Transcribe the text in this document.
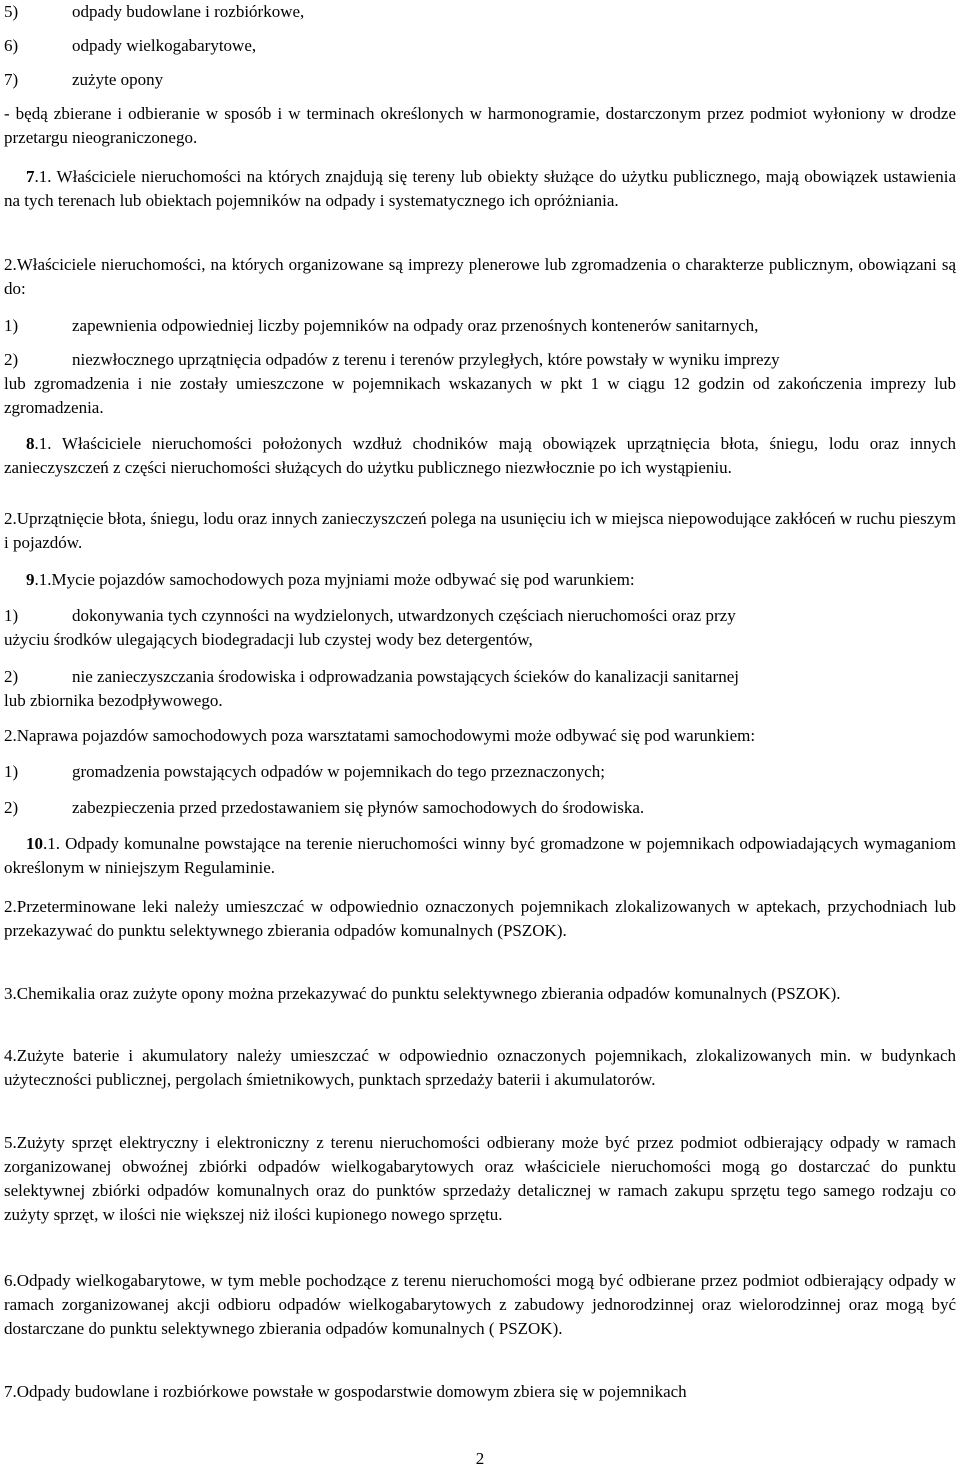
5)	odpady budowlane i rozbiórkowe,
6)	odpady wielkogabarytowe,
7)	zużyte opony

- będą zbierane i odbieranie w sposób i w terminach określonych w harmonogramie, dostarczonym przez podmiot wyłoniony w drodze przetargu nieograniczonego.

7.1. Właściciele nieruchomości na których znajdują się tereny lub obiekty służące do użytku publicznego, mają obowiązek ustawienia na tych terenach lub obiektach pojemników na odpady i systematycznego ich opróżniania.

2.Właściciele nieruchomości, na których organizowane są imprezy plenerowe lub zgromadzenia o charakterze publicznym, obowiązani są do:

1)	zapewnienia odpowiedniej liczby pojemników na odpady oraz przenośnych kontenerów sanitarnych,
2)	niezwłocznego uprzątnięcia odpadów z terenu i terenów przyległych, które powstały w wyniku imprezy

lub zgromadzenia i nie zostały umieszczone w pojemnikach wskazanych w pkt 1 w ciągu 12 godzin od zakończenia imprezy lub zgromadzenia.

8.1. Właściciele nieruchomości położonych wzdłuż chodników mają obowiązek uprzątnięcia błota, śniegu, lodu oraz innych zanieczyszczeń z części nieruchomości służących do użytku publicznego niezwłocznie po ich wystąpieniu.

2.Uprzątnięcie błota, śniegu, lodu oraz innych zanieczyszczeń polega na usunięciu ich w miejsca niepowodujące zakłóceń w ruchu pieszym i pojazdów.

9.1.Mycie pojazdów samochodowych poza myjniami może odbywać się pod warunkiem:

1)	dokonywania tych czynności na wydzielonych, utwardzonych częściach nieruchomości oraz przy

użyciu środków ulegających biodegradacji lub czystej wody bez detergentów,

2)	nie zanieczyszczania środowiska i odprowadzania powstających ścieków do kanalizacji sanitarnej

lub zbiornika bezodpływowego.

2.Naprawa pojazdów samochodowych poza warsztatami samochodowymi może odbywać się pod warunkiem:

1)	gromadzenia powstających odpadów w pojemnikach do tego przeznaczonych;
2)	zabezpieczenia przed przedostawaniem się płynów samochodowych do środowiska.

10.1. Odpady komunalne powstające na terenie nieruchomości winny być gromadzone w pojemnikach odpowiadających wymaganiom określonym w niniejszym Regulaminie.

2.Przeterminowane leki należy umieszczać w odpowiednio oznaczonych pojemnikach zlokalizowanych w aptekach, przychodniach lub przekazywać do punktu selektywnego zbierania odpadów komunalnych (PSZOK).

3.Chemikalia oraz zużyte opony można przekazywać do punktu selektywnego zbierania odpadów komunalnych (PSZOK).

4.Zużyte baterie i akumulatory należy umieszczać w odpowiednio oznaczonych pojemnikach, zlokalizowanych min. w budynkach użyteczności publicznej, pergolach śmietnikowych, punktach sprzedaży baterii i akumulatorów.

5.Zużyty sprzęt elektryczny i elektroniczny z terenu nieruchomości odbierany może być przez podmiot odbierający odpady w ramach zorganizowanej obwoźnej zbiórki odpadów wielkogabarytowych oraz właściciele nieruchomości mogą go dostarczać do punktu selektywnej zbiórki odpadów komunalnych oraz do punktów sprzedaży detalicznej w ramach zakupu sprzętu tego samego rodzaju co zużyty sprzęt, w ilości nie większej niż ilości kupionego nowego sprzętu.

6.Odpady wielkogabarytowe, w tym meble pochodzące z terenu nieruchomości mogą być odbierane przez podmiot odbierający odpady w ramach zorganizowanej akcji odbioru odpadów wielkogabarytowych z zabudowy jednorodzinnej oraz wielorodzinnej oraz mogą być dostarczane do punktu selektywnego zbierania odpadów komunalnych ( PSZOK).

7.Odpady budowlane i rozbiórkowe powstałe w gospodarstwie domowym zbiera się w pojemnikach

2
